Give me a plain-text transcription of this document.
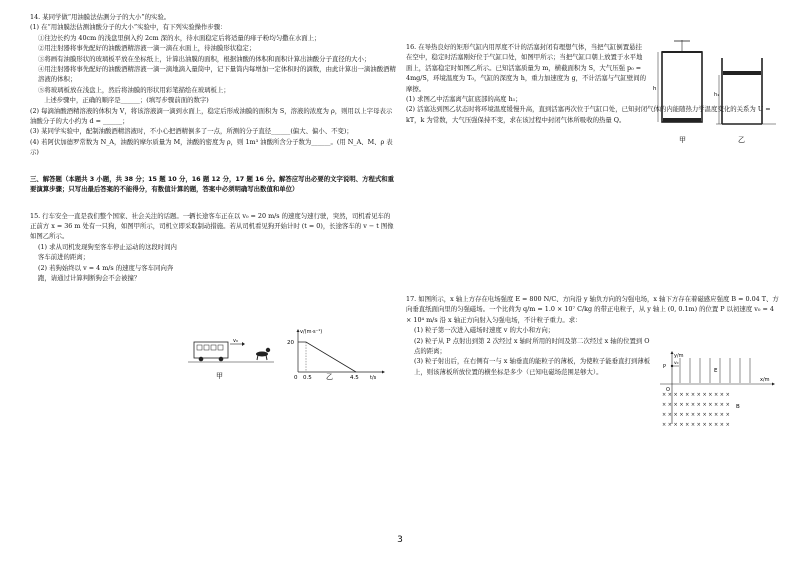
14. 某同学做“用油膜法估测分子的大小”的实验。

(1) 在“用油膜法估测油酸分子的大小”实验中，有下列实验操作步骤：

①往边长约为 40cm 的浅盘里倒入约 2cm 深的水，待水面稳定后将适量的痱子粉均匀撒在水面上；

②用注射器将事先配好的油酸酒精溶液一滴一滴在水面上，待油膜形状稳定；

③将画有油膜形状的玻璃板平放在坐标纸上，计算出油膜的面积，根据油酸的体积和面积计算出油酸分子直径的大小；

④用注射器将事先配好的油酸酒精溶液一滴一滴地滴入量筒中，记下量筒内每增加一定体积时的滴数，由此计算出一滴油酸酒精溶液的体积；

⑤将玻璃板放在浅盘上，然后将油膜的形状用彩笔描绘在玻璃板上；

上述步骤中，正确的顺序是______；(填写步骤前面的数字)

(2) 每滴油酸酒精溶液的体积为 V，将该溶液滴一滴到水面上，稳定后形成油膜的面积为 S，溶液的浓度为 ρ，则用以上字母表示油酸分子的大小约为 d = ______；

(3) 某同学实验中，配制油酸酒精溶液时，不小心把酒精倒多了一点，所测的分子直径______(偏大、偏小、不变)；

(4) 若阿伏加德罗常数为 N_A，油酸的摩尔质量为 M，油酸的密度为 ρ，则 1m³ 油酸所含分子数为______。(用 N_A、M、ρ 表示)

三、解答题（本题共 3 小题，共 38 分；15 题 10 分，16 题 12 分，17 题 16 分。解答应写出必要的文字说明、方程式和重要演算步骤；只写出最后答案的不能得分，有数值计算的题，答案中必须明确写出数值和单位）

15. 行车安全一直是我们整个国家、社会关注的话题。一辆长途客车正在以 v₀ = 20 m/s 的速度匀速行驶，突然，司机看见车的正前方 x = 36 m 处有一只狗，如图甲所示，司机立即采取制动措施。若从司机看见狗开始计时 (t = 0)，长途客车的 v − t 图像如图乙所示。

(1) 求从司机发现狗至客车停止运动的这段时间内 客车前进的距离；

(2) 若狗始终以 v = 4 m/s 的速度与客车同向奔跑，请通过计算判断狗会不会被撞？

v₀
甲
v/(m·s⁻¹)
20
0 0.5	4.5 t/s
乙

16. 在导热良好的矩形气缸内用厚度不计的活塞封闭有理想气体，当把气缸倒置悬挂在空中，稳定时活塞刚好位于气缸口处，如图甲所示；当把气缸口朝上放置于水平地面上，活塞稳定时如图乙所示。已知活塞质量为 m，横截面积为 S，大气压强 p₀ = 4mg/S，环境温度为 T₀，气缸的深度为 h，重力加速度为 g，不计活塞与气缸壁间的摩擦。

(1) 求图乙中活塞离气缸底部的高度 h₁；

(2) 活塞达到图乙状态时将环境温度缓慢升高，直到活塞再次位于气缸口处，已知封闭气体的内能随热力学温度变化的关系为 U = kT，k 为常数，大气压强保持不变，求在该过程中封闭气体所吸收的热量 Q。

17. 如图所示，x 轴上方存在电场强度 E = 800 N/C、方向沿 y 轴负方向的匀强电场，x 轴下方存在着磁感应强度 B = 0.04 T、方向垂直纸面向里的匀强磁场。一个比荷为 q/m = 1.0 × 10⁷ C/kg 的带正电粒子，从 y 轴上 (0, 0.1m) 的位置 P 以初速度 v₀ = 4 × 10⁴ m/s 沿 x 轴正方向射入匀强电场，不计粒子重力。求：

(1) 粒子第一次进入磁场时速度 v 的大小和方向；

(2) 粒子从 P 点射出到第 2 次经过 x 轴时所用的时间及第二次经过 x 轴的位置到 O 点的距离；

(3) 粒子射出后，在右侧有一与 x 轴垂直的能粒子的薄板，为使粒子能垂直打到薄板上，则该薄板所放位置的横坐标是多少（已知电磁场范围足够大）。

h
甲
h₁
乙
P
v₀
E
y/m
x/m
O
B
× × × × × × × × × × × ×
× × × × × × × × × × × ×
× × × × × × × × × × × ×
× × × × × × × × × × × ×
3
